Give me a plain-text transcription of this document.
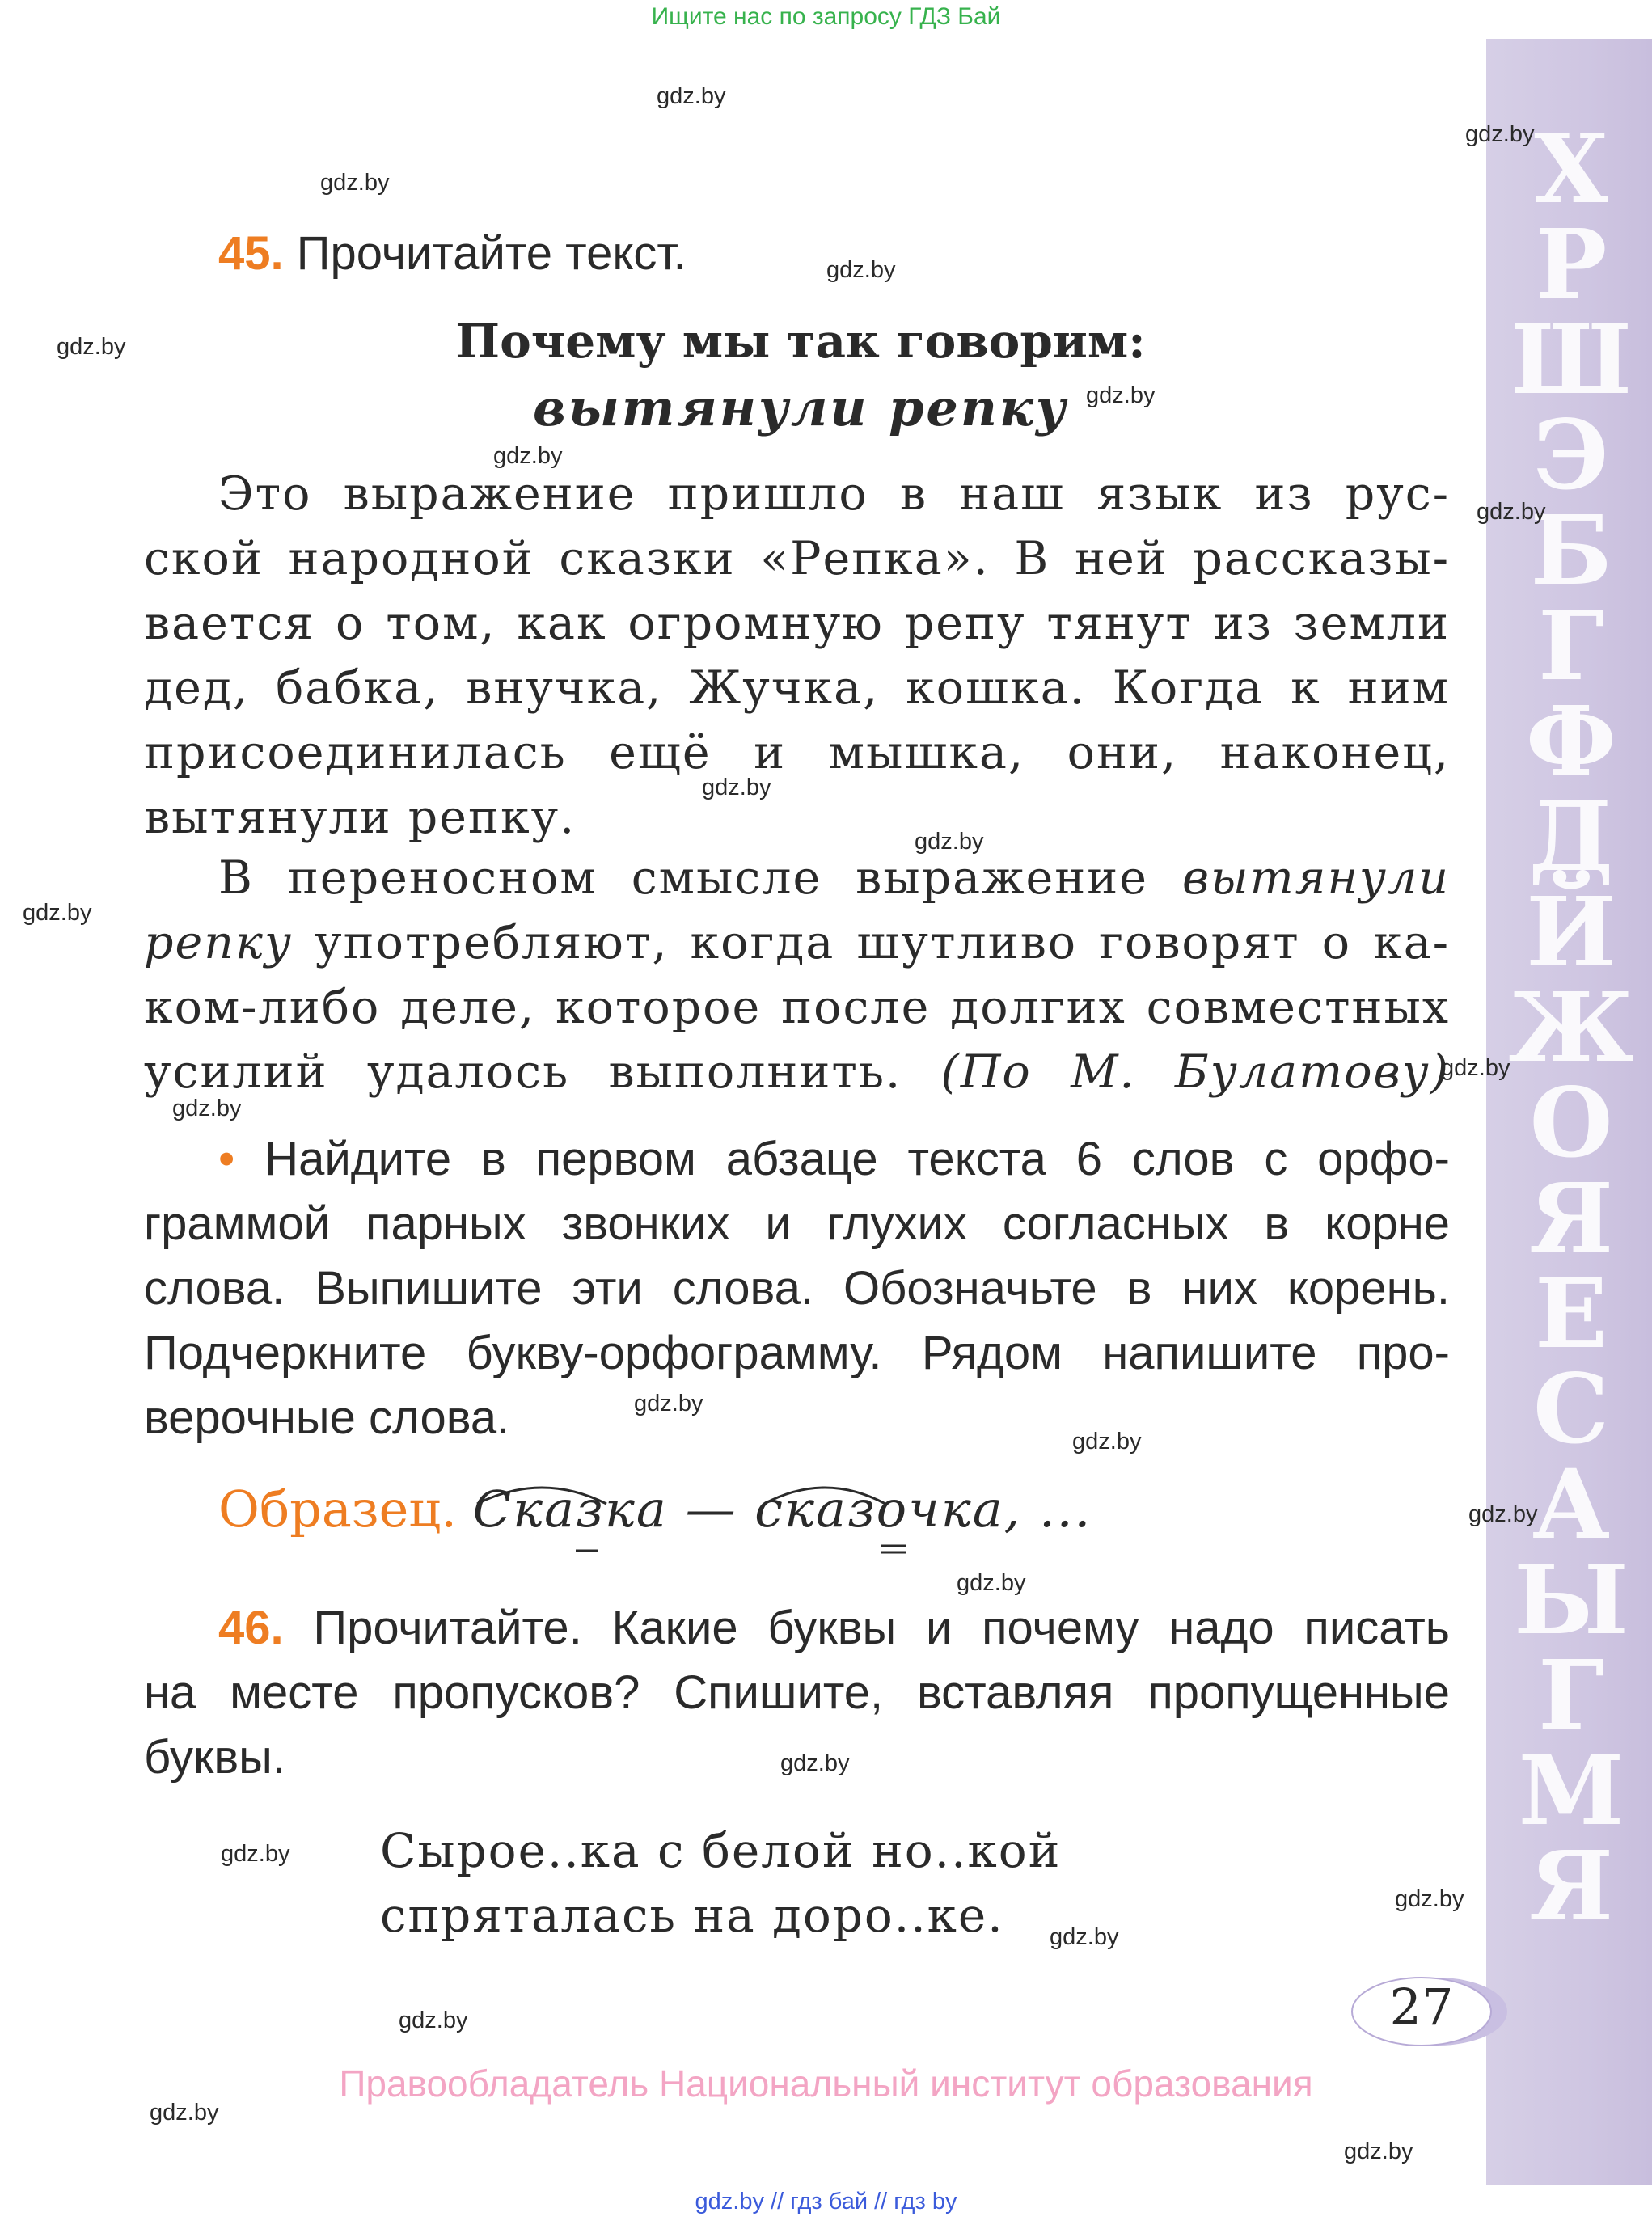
Ищите нас по запросу ГДЗ Бай
Х
Р
Ш
Э
Б
Г
Ф
Д
Й
Ж
О
Я
Е
С
А
Ы
Г
М
Я
45. Прочитайте текст.
Почему мы так говорим:
вытянули репку
Это выражение пришло в наш язык из рус-
ской народной сказки «Репка». В ней рассказы-
вается о том, как огромную репу тянут из земли
дед, бабка, внучка, Жучка, кошка. Когда к ним
присоединилась ещё и мышка, они, наконец,
вытянули репку.
В переносном смысле выражение вытянули
репку употребляют, когда шутливо говорят о ка-
ком-либо деле, которое после долгих совместных
усилий удалось выполнить. (По М. Булатову)
• Найдите в первом абзаце текста 6 слов с орфо-
граммой парных звонких и глухих согласных в корне
слова. Выпишите эти слова. Обозначьте в них корень.
Подчеркните букву-орфограмму. Рядом напишите про-
верочные слова.
Образец. Сказка — сказочка, ...
46. Прочитайте. Какие буквы и почему надо писать
на месте пропусков? Спишите, вставляя пропущенные
буквы.
Сырое..ка с белой но..кой
спряталась на доро..ке.
27
Правообладатель Национальный институт образования
gdz.by // гдз бай // гдз by
gdz.by
gdz.by
gdz.by
gdz.by
gdz.by
gdz.by
gdz.by
gdz.by
gdz.by
gdz.by
gdz.by
gdz.by
gdz.by
gdz.by
gdz.by
gdz.by
gdz.by
gdz.by
gdz.by
gdz.by
gdz.by
gdz.by
gdz.by
gdz.by
